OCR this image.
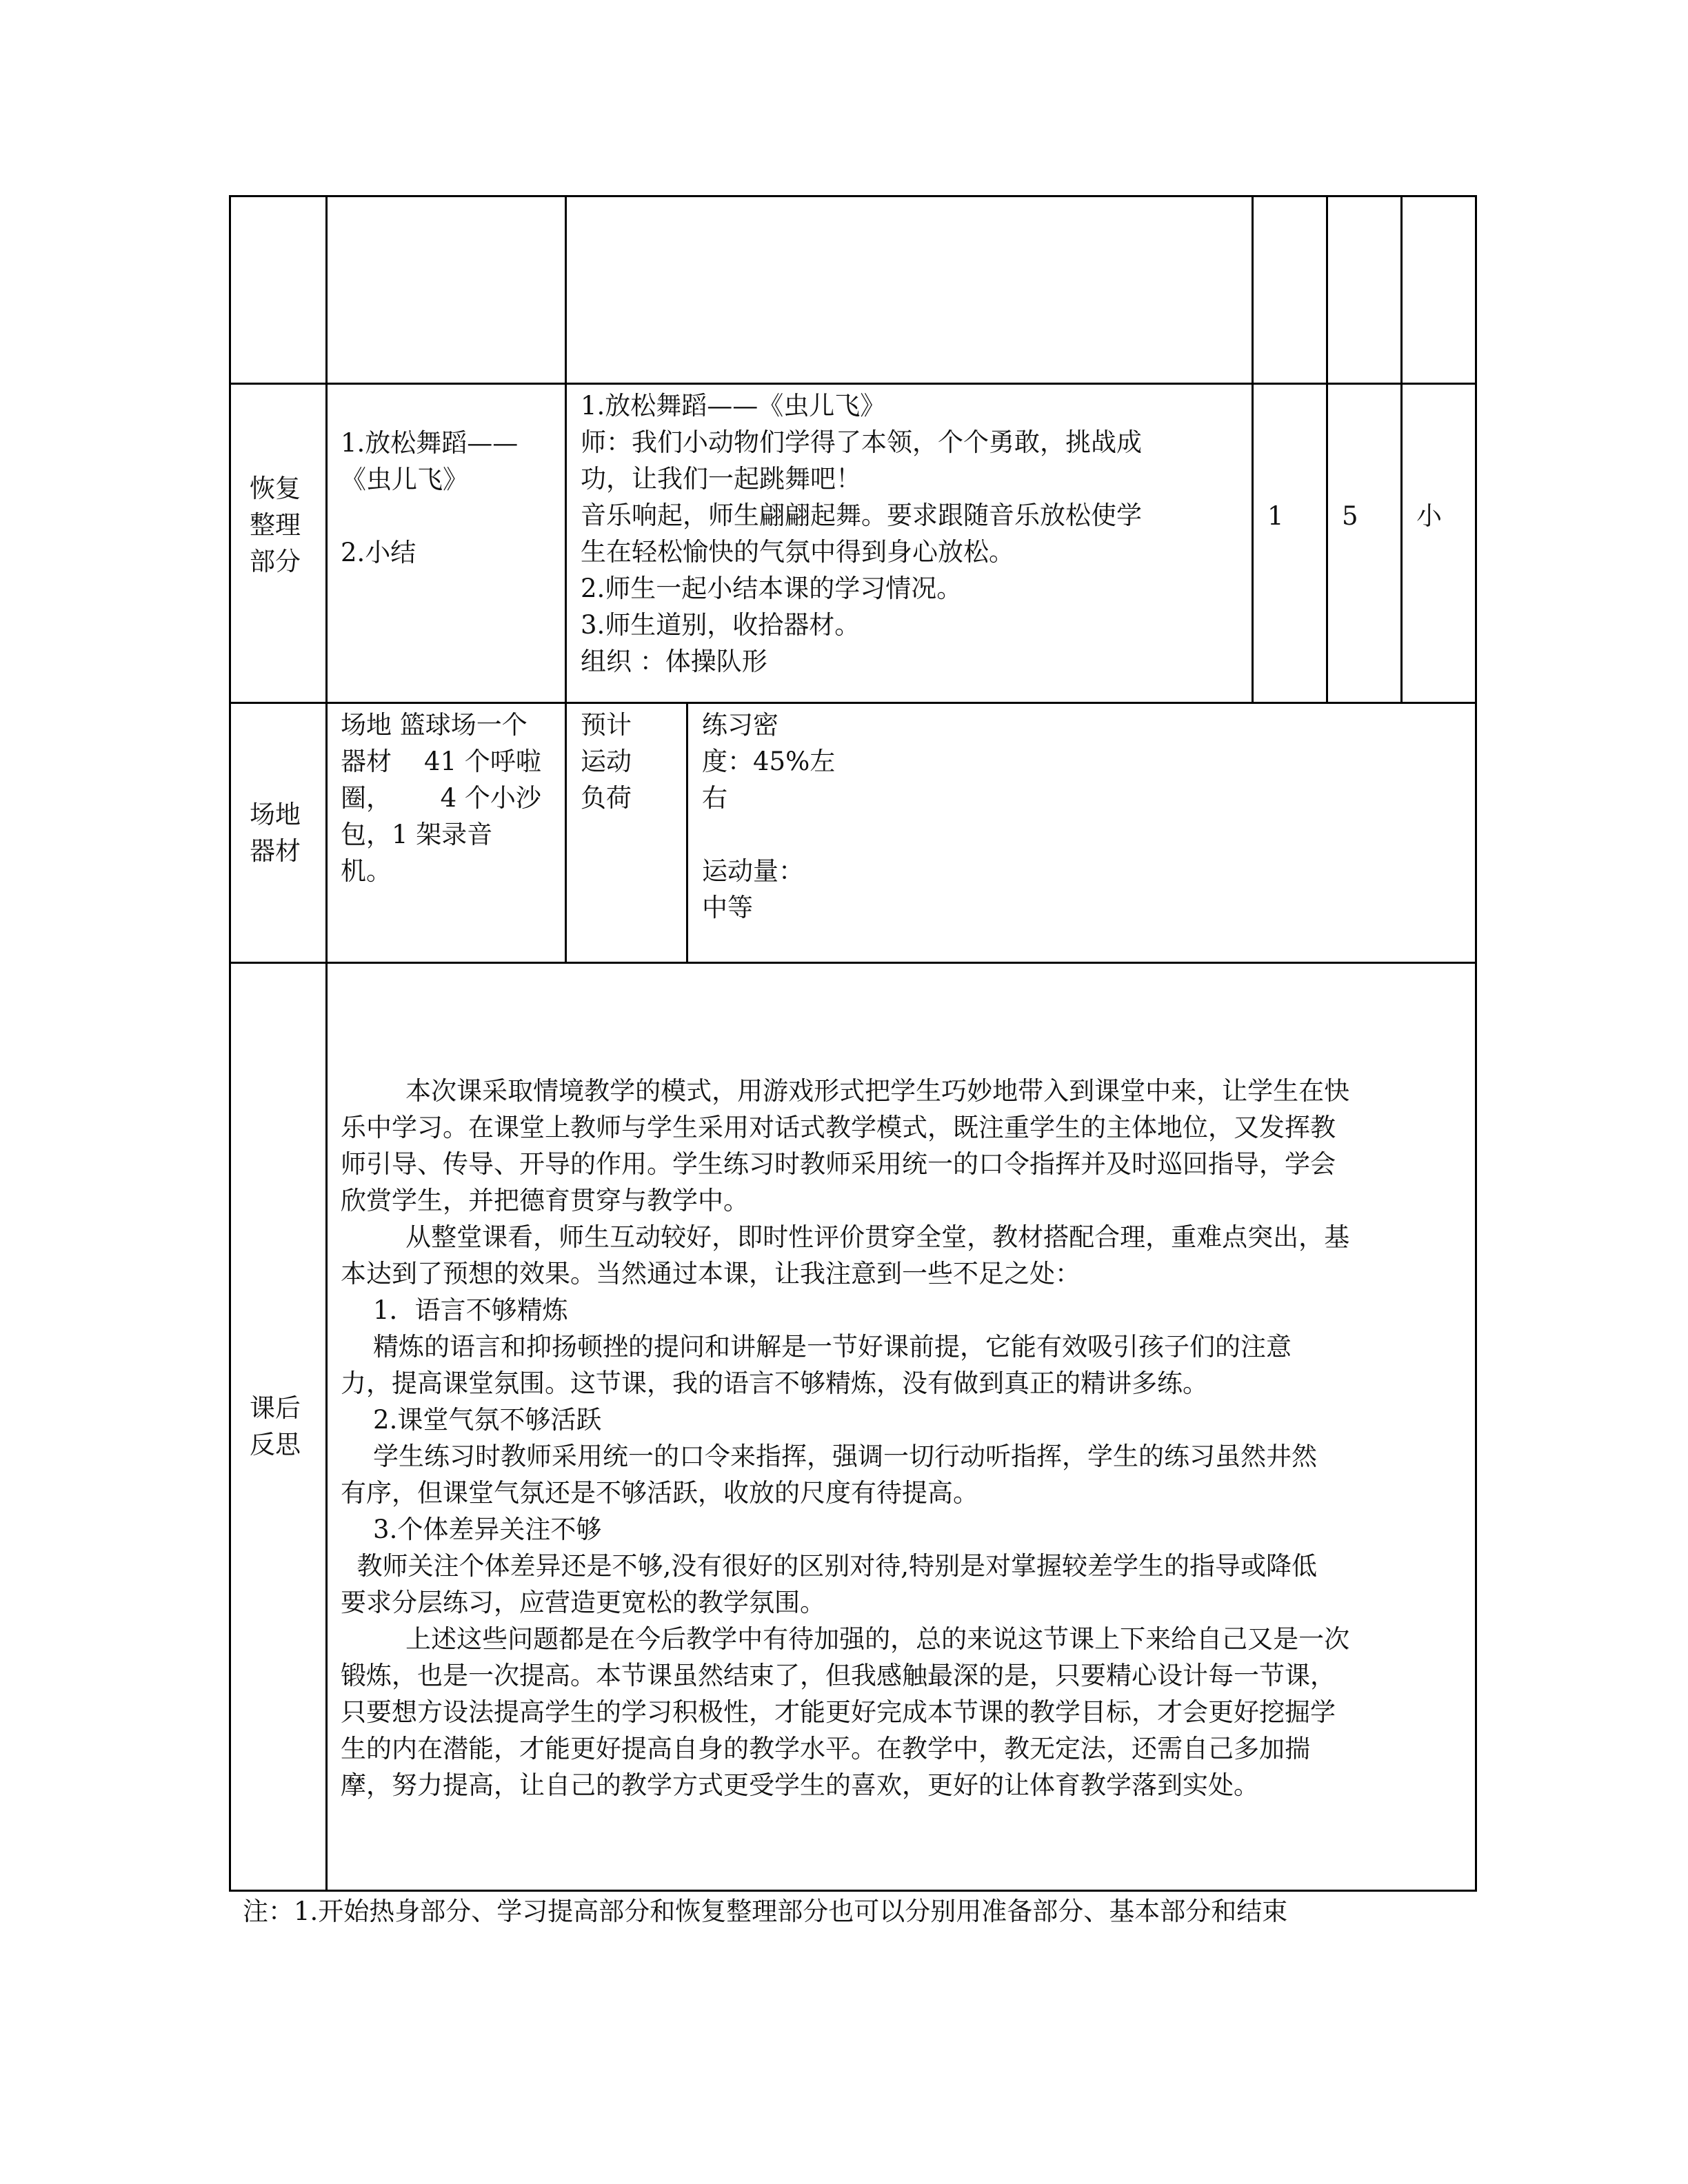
恢复
整理
部分
1.放松舞蹈——
《虫儿飞》
2.小结
1.放松舞蹈——《虫儿飞》
师：我们小动物们学得了本领，个个勇敢，挑战成
功，让我们一起跳舞吧！
音乐响起，师生翩翩起舞。要求跟随音乐放松使学
生在轻松愉快的气氛中得到身心放松。
2.师生一起小结本课的学习情况。
3.师生道别，收拾器材。
组织 ：体操队形
1 5 小
场地
器材
场地 篮球场一个
器材    41 个呼啦
圈，      4 个小沙
包，1 架录音
机。
预计
运动
负荷
练习密
度：45%左
右
运动量：
中等
课后
反思
本次课采取情境教学的模式，用游戏形式把学生巧妙地带入到课堂中来，让学生在快
乐中学习。在课堂上教师与学生采用对话式教学模式，既注重学生的主体地位，又发挥教
师引导、传导、开导的作用。学生练习时教师采用统一的口令指挥并及时巡回指导，学会
欣赏学生，并把德育贯穿与教学中。
从整堂课看，师生互动较好，即时性评价贯穿全堂，教材搭配合理，重难点突出，基
本达到了预想的效果。当然通过本课，让我注意到一些不足之处：
1．语言不够精炼
精炼的语言和抑扬顿挫的提问和讲解是一节好课前提，它能有效吸引孩子们的注意
力，提高课堂氛围。这节课，我的语言不够精炼，没有做到真正的精讲多练。
2.课堂气氛不够活跃
学生练习时教师采用统一的口令来指挥，强调一切行动听指挥，学生的练习虽然井然
有序，但课堂气氛还是不够活跃，收放的尺度有待提高。
3.个体差异关注不够
教师关注个体差异还是不够,没有很好的区别对待,特别是对掌握较差学生的指导或降低
要求分层练习，应营造更宽松的教学氛围。
上述这些问题都是在今后教学中有待加强的，总的来说这节课上下来给自己又是一次
锻炼，也是一次提高。本节课虽然结束了，但我感触最深的是，只要精心设计每一节课，
只要想方设法提高学生的学习积极性，才能更好完成本节课的教学目标，才会更好挖掘学
生的内在潜能，才能更好提高自身的教学水平。在教学中，教无定法，还需自己多加揣
摩，努力提高，让自己的教学方式更受学生的喜欢，更好的让体育教学落到实处。
注：1.开始热身部分、学习提高部分和恢复整理部分也可以分别用准备部分、基本部分和结束
